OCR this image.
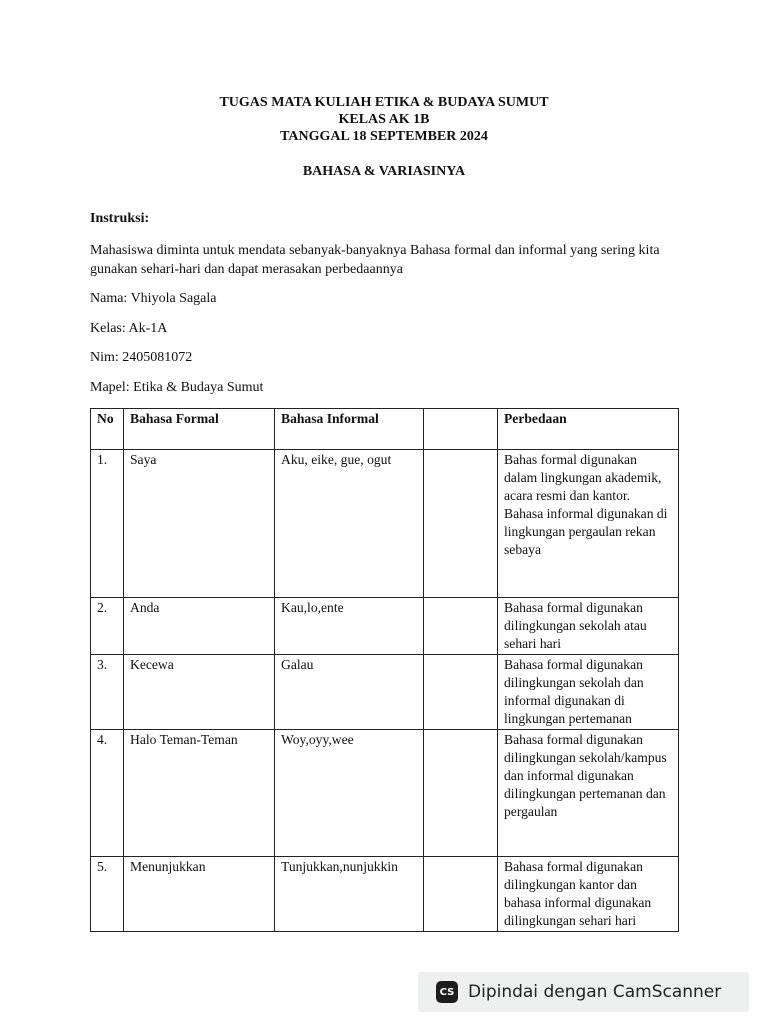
TUGAS MATA KULIAH ETIKA & BUDAYA SUMUT
KELAS AK 1B
TANGGAL 18 SEPTEMBER 2024
BAHASA & VARIASINYA
Instruksi:
Mahasiswa diminta untuk mendata sebanyak-banyaknya Bahasa formal dan informal yang sering kita gunakan sehari-hari dan dapat merasakan perbedaannya
Nama: Vhiyola Sagala
Kelas: Ak-1A
Nim: 2405081072
Mapel: Etika & Budaya Sumut
No	Bahasa Formal	Bahasa Informal		Perbedaan
1.	Saya	Aku, eike, gue, ogut		Bahas formal digunakan dalam lingkungan akademik, acara resmi dan kantor. Bahasa informal digunakan di lingkungan pergaulan rekan sebaya
2.	Anda	Kau,lo,ente		Bahasa formal digunakan dilingkungan sekolah atau sehari hari
3.	Kecewa	Galau		Bahasa formal digunakan dilingkungan sekolah dan informal digunakan di lingkungan pertemanan
4.	Halo Teman-Teman	Woy,oyy,wee		Bahasa formal digunakan dilingkungan sekolah/kampus dan informal digunakan dilingkungan pertemanan dan pergaulan
5.	Menunjukkan	Tunjukkan,nunjukkin		Bahasa formal digunakan dilingkungan kantor dan bahasa informal digunakan dilingkungan sehari hari
CS Dipindai dengan CamScanner
